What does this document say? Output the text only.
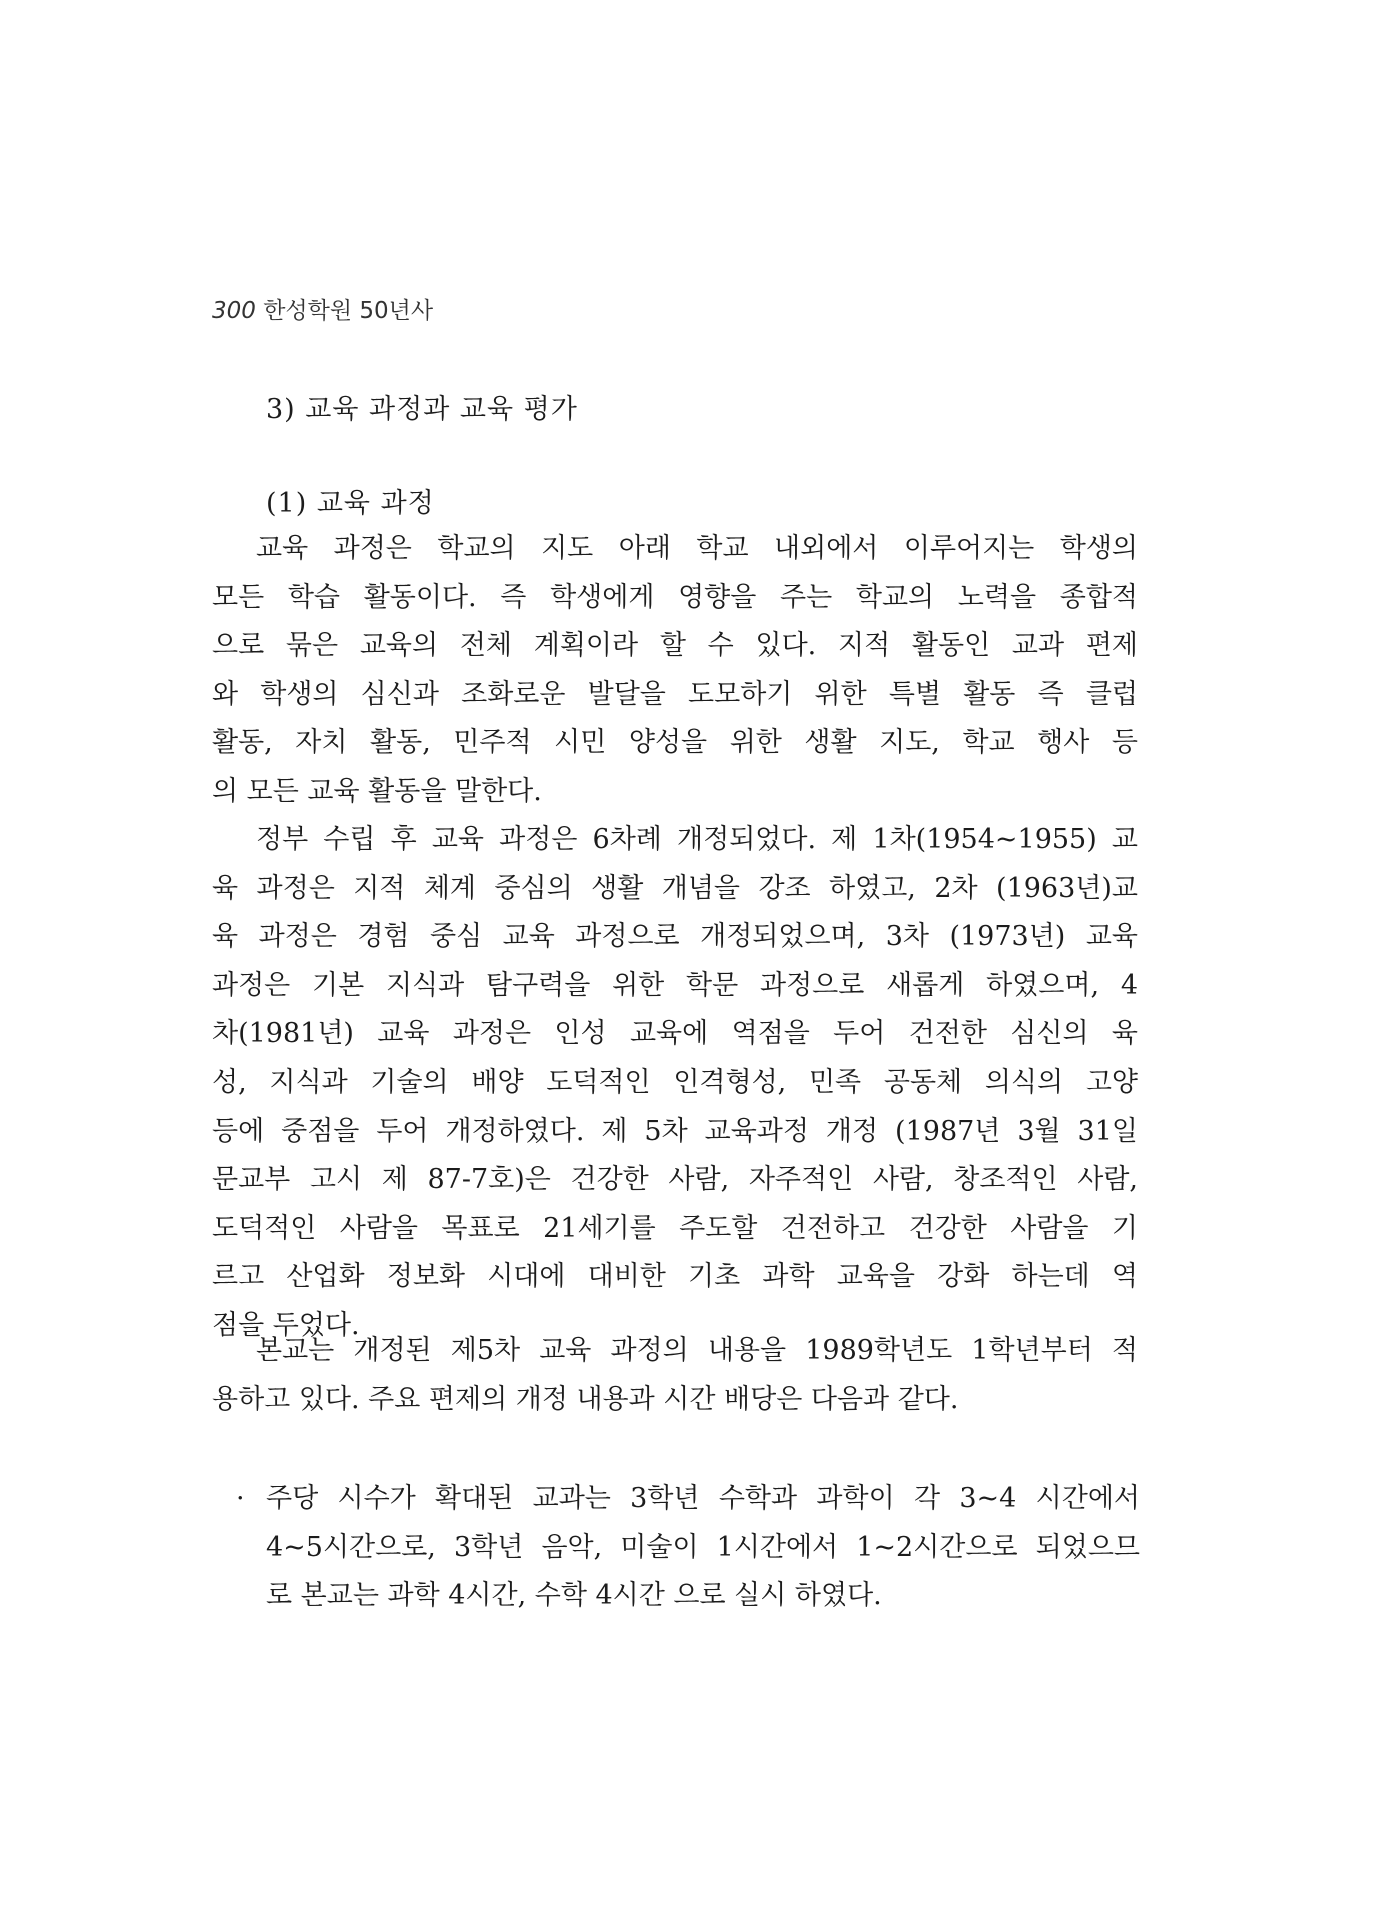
300 한성학원 50년사
3) 교육 과정과 교육 평가
(1) 교육 과정
교육 과정은 학교의 지도 아래 학교 내외에서 이루어지는 학생의
모든 학습 활동이다. 즉 학생에게 영향을 주는 학교의 노력을 종합적
으로 묶은 교육의 전체 계획이라 할 수 있다. 지적 활동인 교과 편제
와 학생의 심신과 조화로운 발달을 도모하기 위한 특별 활동 즉 클럽
활동, 자치 활동, 민주적 시민 양성을 위한 생활 지도, 학교 행사 등
의 모든 교육 활동을 말한다.
정부 수립 후 교육 과정은 6차례 개정되었다. 제 1차(1954~1955) 교
육 과정은 지적 체계 중심의 생활 개념을 강조 하였고, 2차 (1963년)교
육 과정은 경험 중심 교육 과정으로 개정되었으며, 3차 (1973년) 교육
과정은 기본 지식과 탐구력을 위한 학문 과정으로 새롭게 하였으며, 4
차(1981년) 교육 과정은 인성 교육에 역점을 두어 건전한 심신의 육
성, 지식과 기술의 배양 도덕적인 인격형성, 민족 공동체 의식의 고양
등에 중점을 두어 개정하였다. 제 5차 교육과정 개정 (1987년 3월 31일
문교부 고시 제 87-7호)은 건강한 사람, 자주적인 사람, 창조적인 사람,
도덕적인 사람을 목표로 21세기를 주도할 건전하고 건강한 사람을 기
르고 산업화 정보화 시대에 대비한 기초 과학 교육을 강화 하는데 역
점을 두었다.
본교는 개정된 제5차 교육 과정의 내용을 1989학년도 1학년부터 적
용하고 있다. 주요 편제의 개정 내용과 시간 배당은 다음과 같다.
· 주당 시수가 확대된 교과는 3학년 수학과 과학이 각 3~4 시간에서
4~5시간으로, 3학년 음악, 미술이 1시간에서 1~2시간으로 되었으므
로 본교는 과학 4시간, 수학 4시간 으로 실시 하였다.
